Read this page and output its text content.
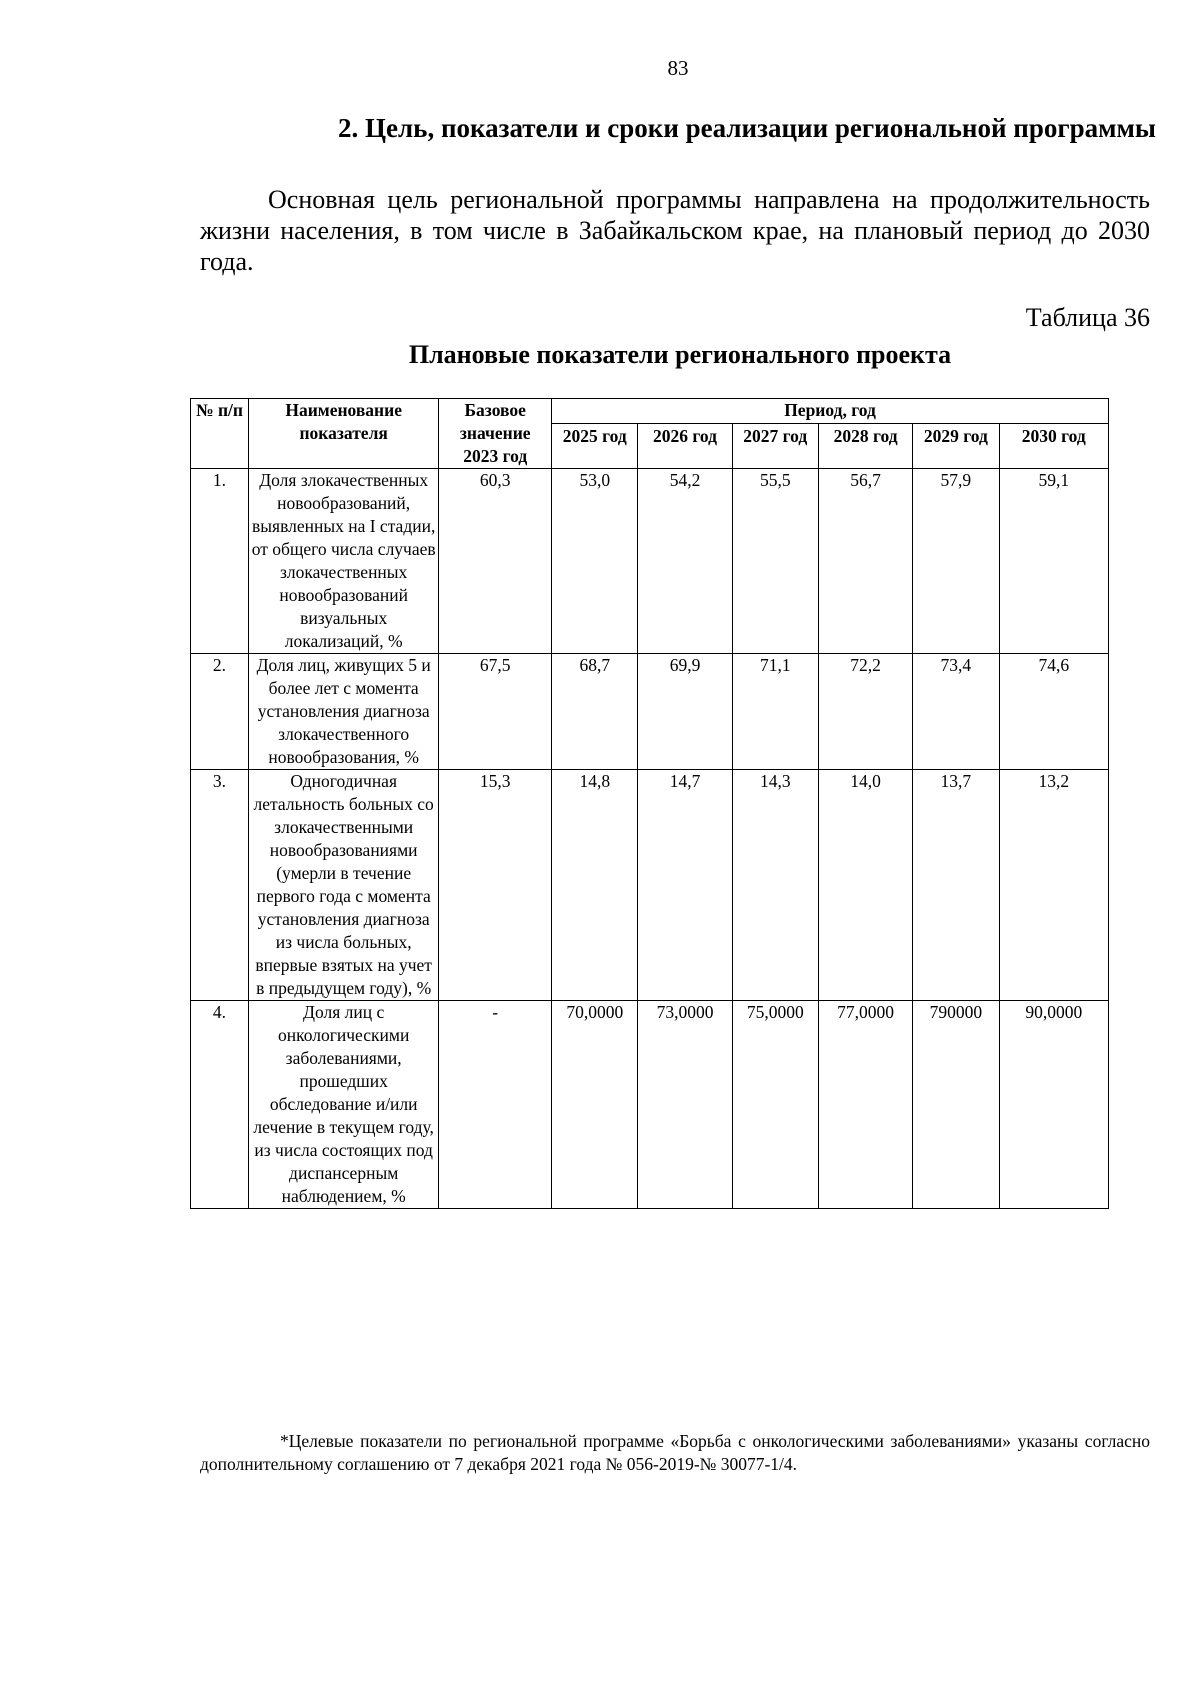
83
2. Цель, показатели и сроки реализации региональной программы

Основная цель региональной программы направлена на продолжительность жизни населения, в том числе в Забайкальском крае, на плановый период до 2030 года.

Таблица 36
Плановые показатели регионального проекта
№ п/п	Наименование показателя	Базовое значение 2023 год	Период, год					
			2025 год	2026 год	2027 год	2028 год	2029 год	2030 год
1.	Доля злокачественных новообразований, выявленных на I стадии, от общего числа случаев злокачественных новообразований визуальных локализаций, %	60,3	53,0	54,2	55,5	56,7	57,9	59,1
2.	Доля лиц, живущих 5 и более лет с момента установления диагноза злокачественного новообразования, %	67,5	68,7	69,9	71,1	72,2	73,4	74,6
3.	Одногодичная летальность больных со злокачественными новообразованиями (умерли в течение первого года с момента установления диагноза из числа больных, впервые взятых на учет в предыдущем году), %	15,3	14,8	14,7	14,3	14,0	13,7	13,2
4.	Доля лиц с онкологическими заболеваниями, прошедших обследование и/или лечение в текущем году, из числа состоящих под диспансерным наблюдением, %	-	70,0000	73,0000	75,0000	77,0000	790000	90,0000

*Целевые показатели по региональной программе «Борьба с онкологическими заболеваниями» указаны согласно дополнительному соглашению от 7 декабря 2021 года № 056-2019-№ 30077-1/4.
